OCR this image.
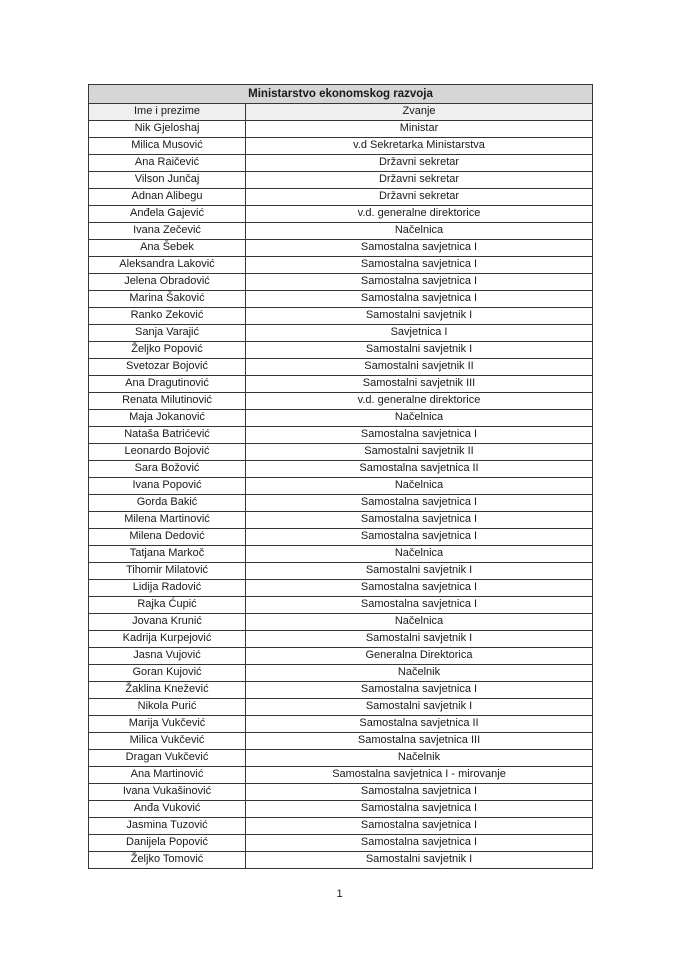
Ministarstvo ekonomskog razvoja	
Ime i prezime	Zvanje
Nik Gjeloshaj	Ministar
Milica Musović	v.d Sekretarka Ministarstva
Ana Raičević	Državni sekretar
Vilson Junčaj	Državni sekretar
Adnan Alibegu	Državni sekretar
Anđela Gajević	v.d. generalne direktorice
Ivana Zečević	Načelnica
Ana Šebek	Samostalna savjetnica I
Aleksandra Laković	Samostalna savjetnica I
Jelena Obradović	Samostalna savjetnica I
Marina Šaković	Samostalna savjetnica I
Ranko Zeković	Samostalni savjetnik I
Sanja Varajić	Savjetnica I
Željko Popović	Samostalni savjetnik I
Svetozar Bojović	Samostalni savjetnik II
Ana Dragutinović	Samostalni savjetnik III
Renata Milutinović	v.d. generalne direktorice
Maja Jokanović	Načelnica
Nataša Batrićević	Samostalna savjetnica I
Leonardo Bojović	Samostalni savjetnik II
Sara Božović	Samostalna savjetnica II
Ivana Popović	Načelnica
Gorda Bakić	Samostalna savjetnica I
Milena Martinović	Samostalna savjetnica I
Milena Dedović	Samostalna savjetnica I
Tatjana Markoč	Načelnica
Tihomir Milatović	Samostalni savjetnik I
Lidija Radović	Samostalna savjetnica I
Rajka Ćupić	Samostalna savjetnica I
Jovana Krunić	Načelnica
Kadrija Kurpejović	Samostalni savjetnik I
Jasna Vujović	Generalna Direktorica
Goran Kujović	Načelnik
Žaklina Knežević	Samostalna savjetnica I
Nikola Purić	Samostalni savjetnik I
Marija Vukčević	Samostalna savjetnica II
Milica Vukčević	Samostalna savjetnica III
Dragan Vukčević	Načelnik
Ana Martinović	Samostalna savjetnica I - mirovanje
Ivana Vukašinović	Samostalna savjetnica I
Anđa Vuković	Samostalna savjetnica I
Jasmina Tuzović	Samostalna savjetnica I
Danijela Popović	Samostalna savjetnica I
Željko Tomović	Samostalni savjetnik I
1
